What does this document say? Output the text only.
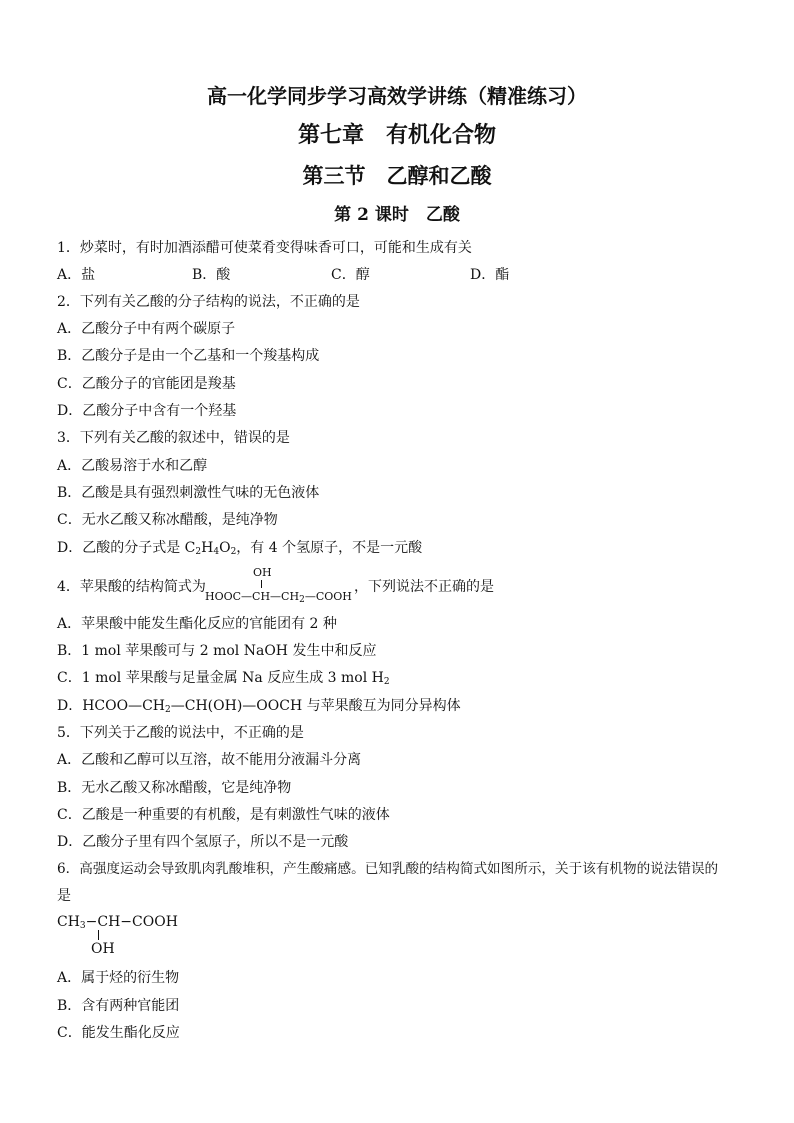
高一化学同步学习高效学讲练（精准练习）
第七章　有机化合物
第三节　乙醇和乙酸
第 2 课时　乙酸
1．炒菜时，有时加酒添醋可使菜肴变得味香可口，可能和生成有关
A．盐	B．酸	C．醇	D．酯
2．下列有关乙酸的分子结构的说法，不正确的是
A．乙酸分子中有两个碳原子
B．乙酸分子是由一个乙基和一个羧基构成
C．乙酸分子的官能团是羧基
D．乙酸分子中含有一个羟基
3．下列有关乙酸的叙述中，错误的是
A．乙酸易溶于水和乙醇
B．乙酸是具有强烈刺激性气味的无色液体
C．无水乙酸又称冰醋酸，是纯净物
D．乙酸的分子式是 $C_2H_4O_2$，有 4 个氢原子，不是一元酸
4．苹果酸的结构简式为
OH
$HOOC—CH—CH_2—COOH$
，下列说法不正确的是
A．苹果酸中能发生酯化反应的官能团有 2 种
B．1 mol 苹果酸可与 2 mol NaOH 发生中和反应
C．1 mol 苹果酸与足量金属 Na 反应生成 3 mol $H_2$
D．$HCOO—CH_2—CH(OH)—OOCH$ 与苹果酸互为同分异构体
5．下列关于乙酸的说法中，不正确的是
A．乙酸和乙醇可以互溶，故不能用分液漏斗分离
B．无水乙酸又称冰醋酸，它是纯净物
C．乙酸是一种重要的有机酸，是有刺激性气味的液体
D．乙酸分子里有四个氢原子，所以不是一元酸
6．高强度运动会导致肌肉乳酸堆积，产生酸痛感。已知乳酸的结构简式如图所示，关于该有机物的说法错误的
是
$CH_3-CH-COOH$
OH
A．属于烃的衍生物
B．含有两种官能团
C．能发生酯化反应
